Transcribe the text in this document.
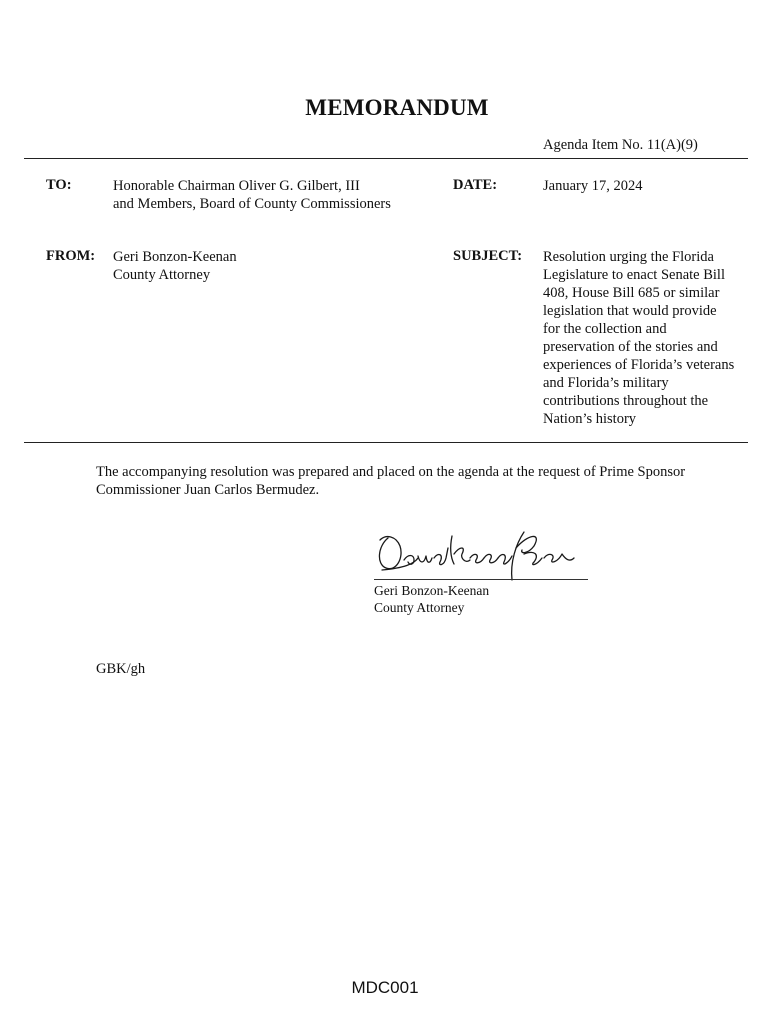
MEMORANDUM
Agenda Item No. 11(A)(9)
TO:	Honorable Chairman Oliver G. Gilbert, III
and Members, Board of County Commissioners
DATE:	January 17, 2024
FROM: Geri Bonzon-Keenan
County Attorney
SUBJECT: Resolution urging the Florida
Legislature to enact Senate Bill
408, House Bill 685 or similar
legislation that would provide
for the collection and
preservation of the stories and
experiences of Florida’s veterans
and Florida’s military
contributions throughout the
Nation’s history
The accompanying resolution was prepared and placed on the agenda at the request of Prime Sponsor
Commissioner Juan Carlos Bermudez.
Geri Bonzon-Keenan
County Attorney
GBK/gh
MDC001
